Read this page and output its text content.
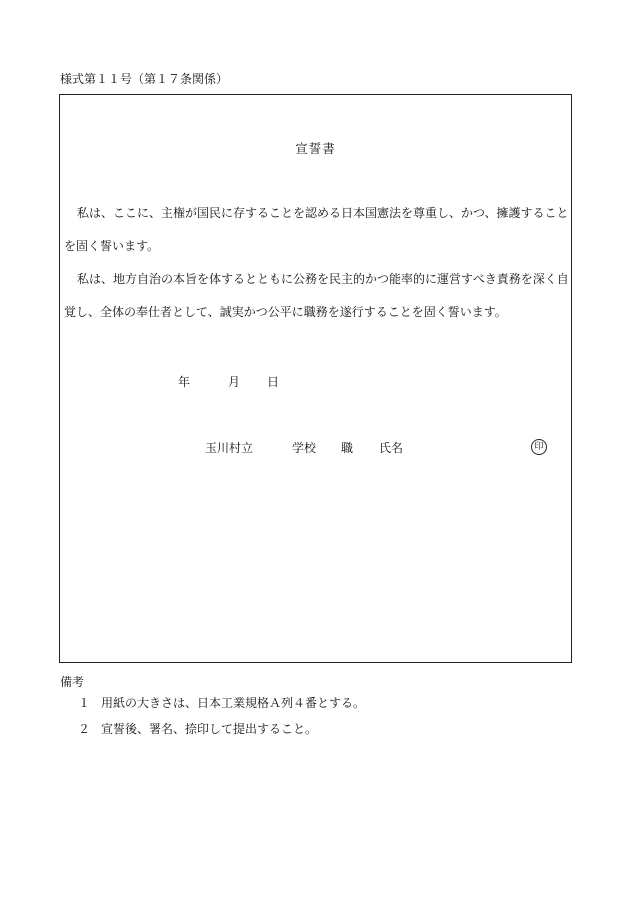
様式第１１号（第１７条関係）
宣誓書
私は、ここに、主権が国民に存することを認める日本国憲法を尊重し、かつ、擁護することを固く誓います。
私は、地方自治の本旨を体するとともに公務を民主的かつ能率的に運営すべき責務を深く自覚し、全体の奉仕者として、誠実かつ公平に職務を遂行することを固く誓います。
年	月 日
玉川村立	学校 職 氏名	印
備考
１ 用紙の大きさは、日本工業規格Ａ列４番とする。
２ 宣誓後、署名、捺印して提出すること。
